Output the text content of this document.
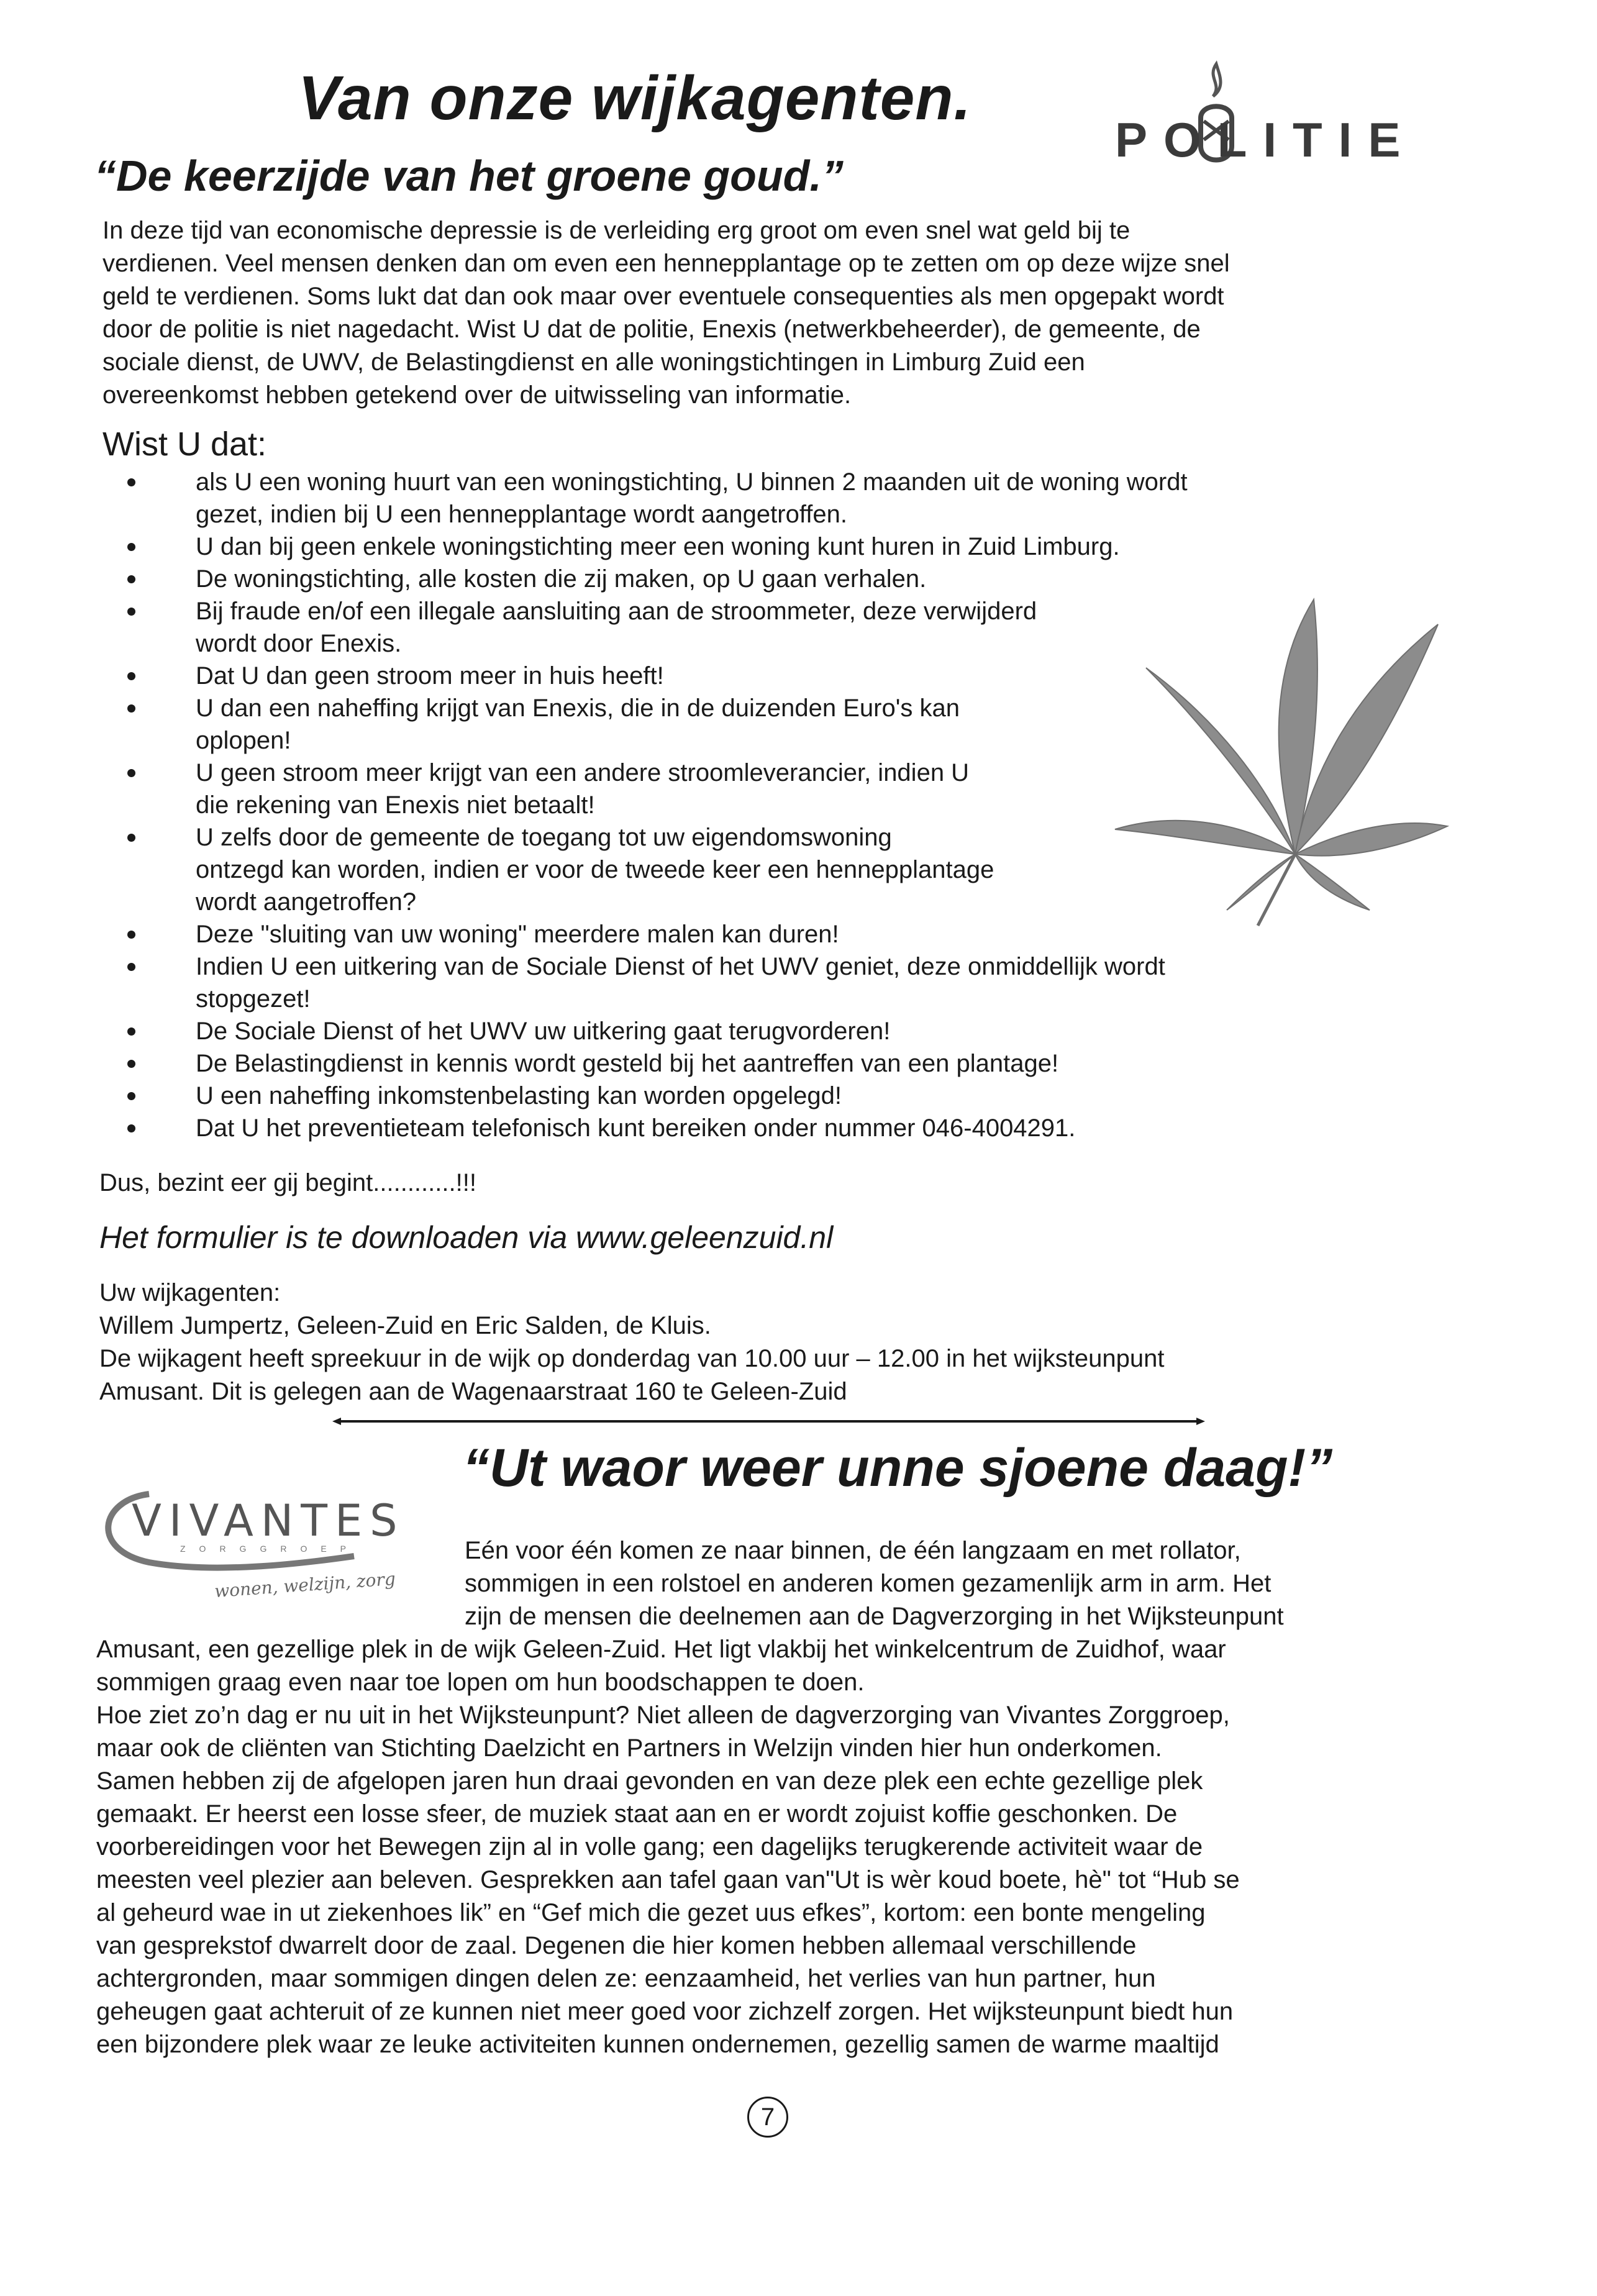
Van onze wijkagenten.
“De keerzijde van het groene goud.”
POLITIE
In deze tijd van economische depressie is de verleiding erg groot om even snel wat geld bij te
verdienen. Veel mensen denken dan om even een hennepplantage op te zetten om op deze wijze snel
geld te verdienen. Soms lukt dat dan ook maar over eventuele consequenties als men opgepakt wordt
door de politie is niet nagedacht. Wist U dat de politie, Enexis (netwerkbeheerder), de gemeente, de
sociale dienst, de UWV, de Belastingdienst en alle woningstichtingen in Limburg Zuid een
overeenkomst hebben getekend over de uitwisseling van informatie.
Wist U dat:
als U een woning huurt van een woningstichting, U binnen 2 maanden uit de woning wordt
gezet, indien bij U een hennepplantage wordt aangetroffen.
U dan bij geen enkele woningstichting meer een woning kunt huren in Zuid Limburg.
De woningstichting, alle kosten die zij maken, op U gaan verhalen.
Bij fraude en/of een illegale aansluiting aan de stroommeter, deze verwijderd
wordt door Enexis.
Dat U dan geen stroom meer in huis heeft!
U dan een naheffing krijgt van Enexis, die in de duizenden Euro's kan
oplopen!
U geen stroom meer krijgt van een andere stroomleverancier, indien U
die rekening van Enexis niet betaalt!
U zelfs door de gemeente de toegang tot uw eigendomswoning
ontzegd kan worden, indien er voor de tweede keer een hennepplantage
wordt aangetroffen?
Deze "sluiting van uw woning" meerdere malen kan duren!
Indien U een uitkering van de Sociale Dienst of het UWV geniet, deze onmiddellijk wordt
stopgezet!
De Sociale Dienst of het UWV uw uitkering gaat terugvorderen!
De Belastingdienst in kennis wordt gesteld bij het aantreffen van een plantage!
U een naheffing inkomstenbelasting kan worden opgelegd!
Dat U het preventieteam telefonisch kunt bereiken onder nummer 046-4004291.
Dus, bezint eer gij begint............!!!
Het formulier is te downloaden via www.geleenzuid.nl
Uw wijkagenten:
Willem Jumpertz, Geleen-Zuid en Eric Salden, de Kluis.
De wijkagent heeft spreekuur in de wijk op donderdag van 10.00 uur – 12.00 in het wijksteunpunt
Amusant. Dit is gelegen aan de Wagenaarstraat 160 te Geleen-Zuid
“Ut waor weer unne sjoene daag!”
VIVANTES
ZORGGROEP
wonen, welzijn, zorg
Eén voor één komen ze naar binnen, de één langzaam en met rollator,
sommigen in een rolstoel en anderen komen gezamenlijk arm in arm. Het
zijn de mensen die deelnemen aan de Dagverzorging in het Wijksteunpunt
Amusant, een gezellige plek in de wijk Geleen-Zuid. Het ligt vlakbij het winkelcentrum de Zuidhof, waar
sommigen graag even naar toe lopen om hun boodschappen te doen.
Hoe ziet zo’n dag er nu uit in het Wijksteunpunt? Niet alleen de dagverzorging van Vivantes Zorggroep,
maar ook de cliënten van Stichting Daelzicht en Partners in Welzijn vinden hier hun onderkomen.
Samen hebben zij de afgelopen jaren hun draai gevonden en van deze plek een echte gezellige plek
gemaakt. Er heerst een losse sfeer, de muziek staat aan en er wordt zojuist koffie geschonken. De
voorbereidingen voor het Bewegen zijn al in volle gang; een dagelijks terugkerende activiteit waar de
meesten veel plezier aan beleven. Gesprekken aan tafel gaan van"Ut is wèr koud boete, hè" tot “Hub se
al geheurd wae in ut ziekenhoes lik” en “Gef mich die gezet uus efkes”, kortom: een bonte mengeling
van gesprekstof dwarrelt door de zaal. Degenen die hier komen hebben allemaal verschillende
achtergronden, maar sommigen dingen delen ze: eenzaamheid, het verlies van hun partner, hun
geheugen gaat achteruit of ze kunnen niet meer goed voor zichzelf zorgen. Het wijksteunpunt biedt hun
een bijzondere plek waar ze leuke activiteiten kunnen ondernemen, gezellig samen de warme maaltijd
7
